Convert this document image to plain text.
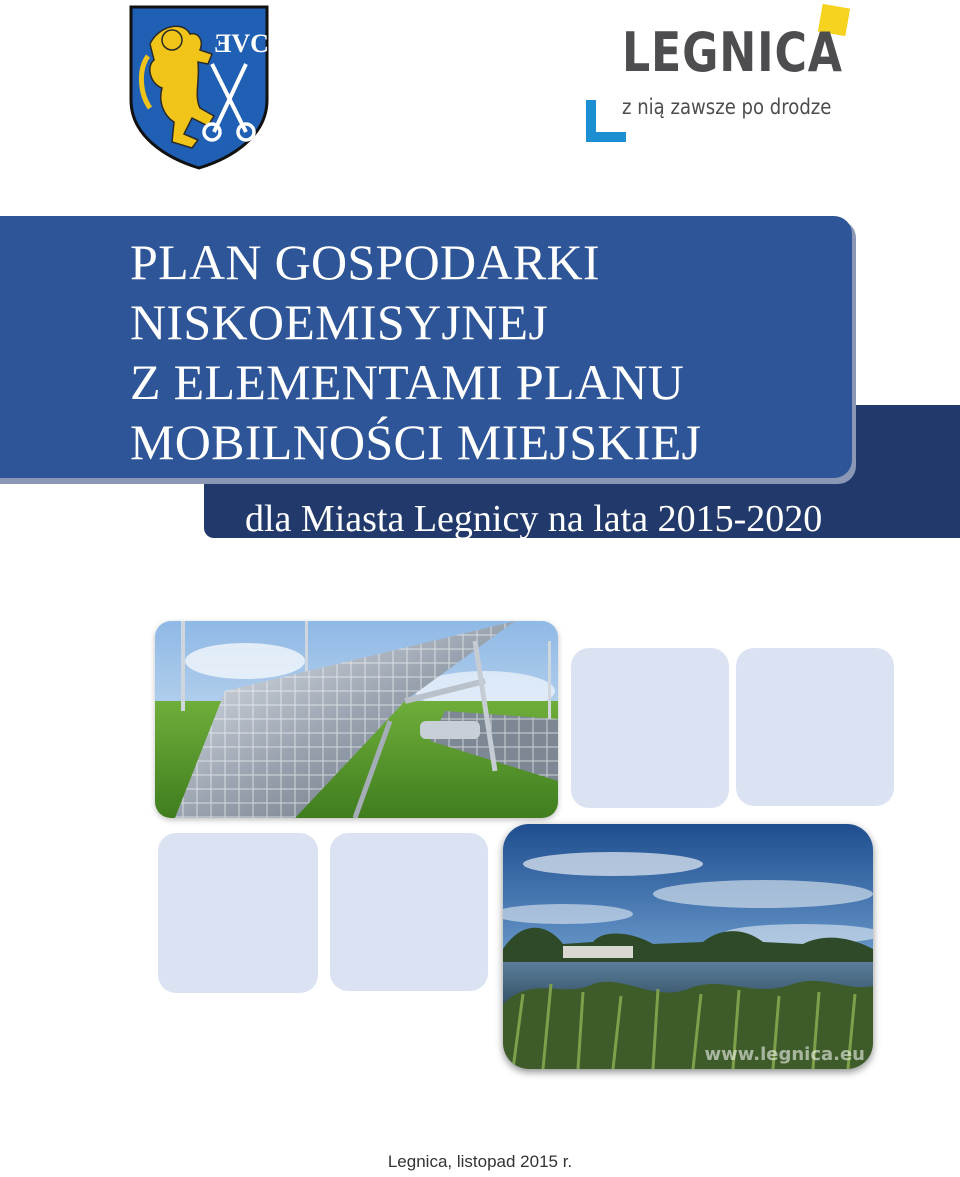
ƎVC	LEGNICA
z nią zawsze po drodze
PLAN GOSPODARKI
NISKOEMISYJNEJ
Z ELEMENTAMI PLANU
MOBILNOŚCI MIEJSKIEJ
dla Miasta Legnicy na lata 2015-2020
www.legnica.eu
Legnica, listopad 2015 r.
